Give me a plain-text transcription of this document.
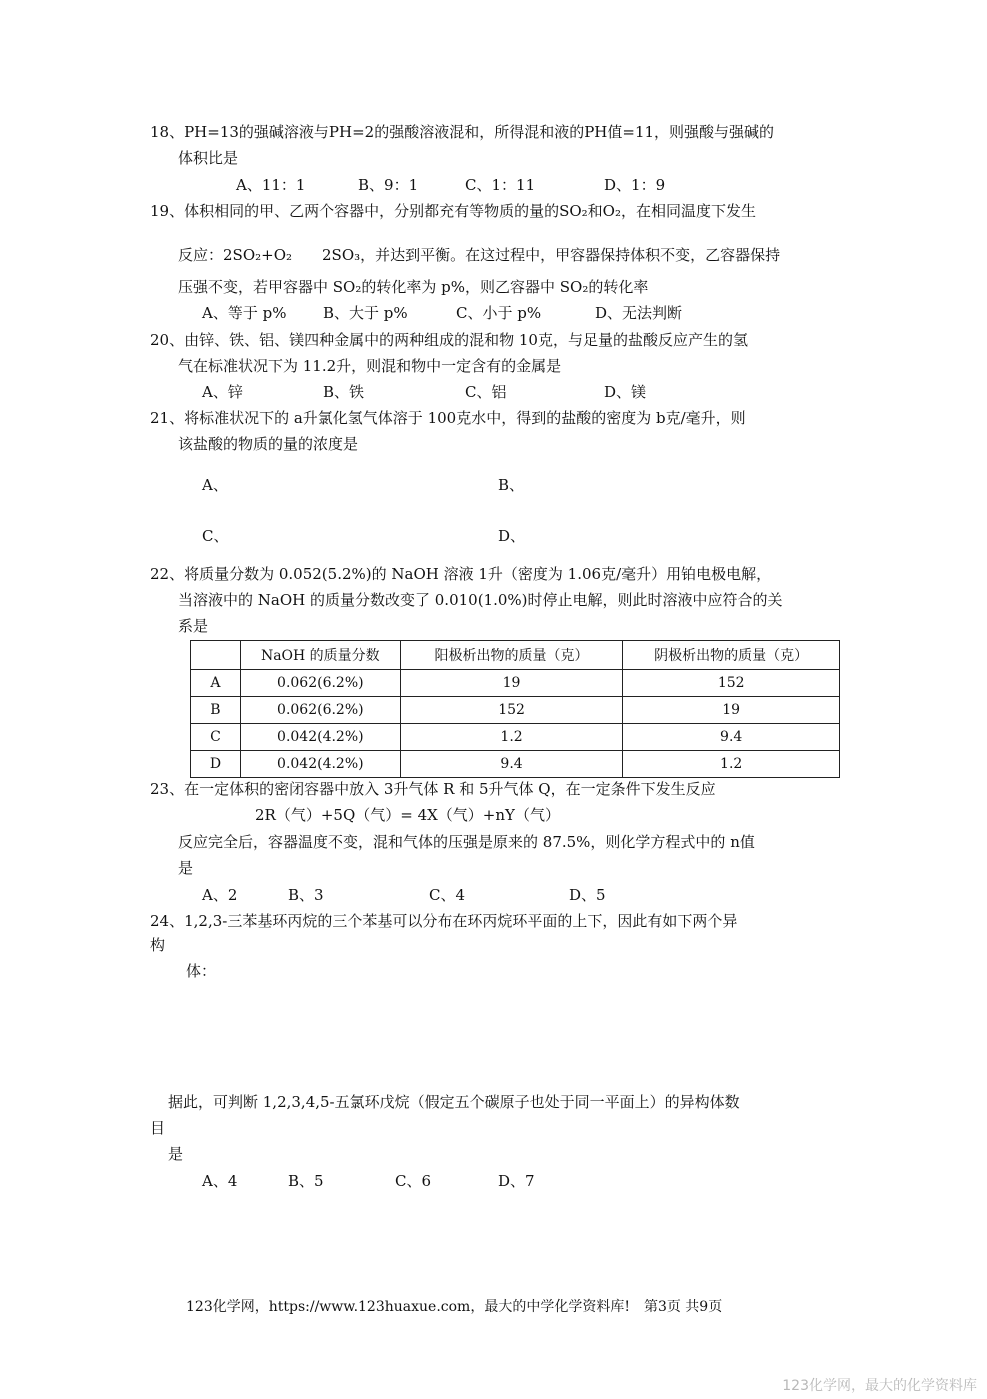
18、PH=13的强碱溶液与PH=2的强酸溶液混和，所得混和液的PH值=11，则强酸与强碱的
体积比是
A、11：1	B、9：1	C、1：11	D、1：9
19、体积相同的甲、乙两个容器中，分别都充有等物质的量的SO₂和O₂，在相同温度下发生
反应：2SO₂+O₂　　2SO₃，并达到平衡。在这过程中，甲容器保持体积不变，乙容器保持
压强不变，若甲容器中 SO₂的转化率为 p%，则乙容器中 SO₂的转化率
A、等于 p% B、大于 p%	C、小于 p%	D、无法判断
20、由锌、铁、铝、镁四种金属中的两种组成的混和物 10克，与足量的盐酸反应产生的氢
气在标准状况下为 11.2升，则混和物中一定含有的金属是
A、锌	B、铁	C、铝	D、镁
21、将标准状况下的 a升氯化氢气体溶于 100克水中，得到的盐酸的密度为 b克/毫升，则
该盐酸的物质的量的浓度是
A、	B、
C、	D、
22、将质量分数为 0.052(5.2%)的 NaOH 溶液 1升（密度为 1.06克/毫升）用铂电极电解，
当溶液中的 NaOH 的质量分数改变了 0.010(1.0%)时停止电解，则此时溶液中应符合的关
系是
	NaOH 的质量分数	阳极析出物的质量（克）	阴极析出物的质量（克）
A	0.062(6.2%)	19	152
B	0.062(6.2%)	152	19
C	0.042(4.2%)	1.2	9.4
D	0.042(4.2%)	9.4	1.2
23、在一定体积的密闭容器中放入 3升气体 R 和 5升气体 Q，在一定条件下发生反应
2R（气）+5Q（气）= 4X（气）+nY（气）
反应完全后，容器温度不变，混和气体的压强是原来的 87.5%，则化学方程式中的 n值
是
A、2	B、3	C、4	D、5
24、1,2,3-三苯基环丙烷的三个苯基可以分布在环丙烷环平面的上下，因此有如下两个异
构
体：
据此，可判断 1,2,3,4,5-五氯环戊烷（假定五个碳原子也处于同一平面上）的异构体数
目
是
A、4	B、5	C、6	D、7
123化学网，https://www.123huaxue.com，最大的中学化学资料库!　第3页 共9页
123化学网，最大的化学资料库
